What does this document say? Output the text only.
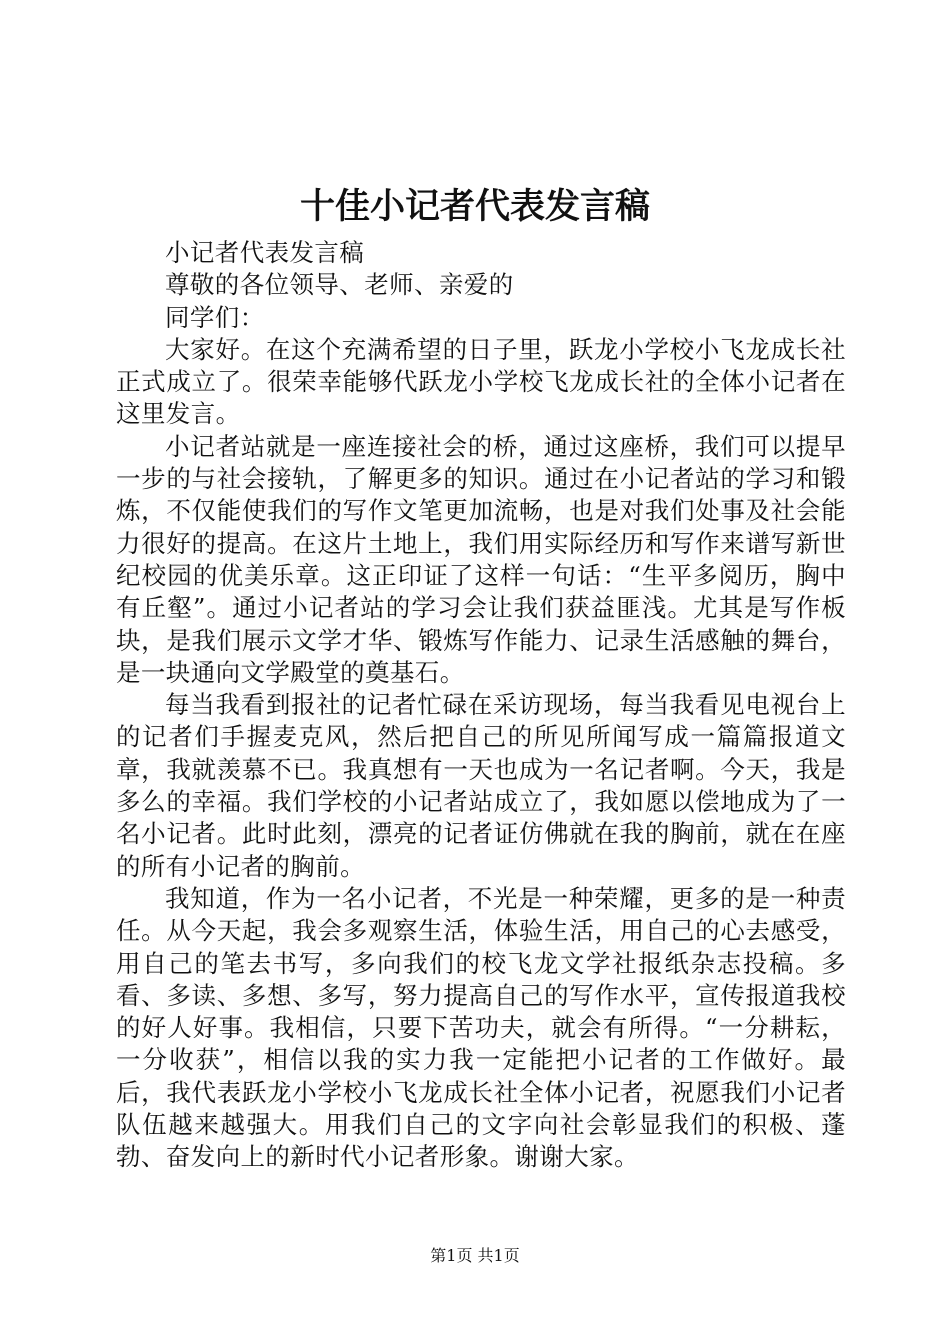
十佳小记者代表发言稿

小记者代表发言稿

尊敬的各位领导、老师、亲爱的

同学们：

大家好。在这个充满希望的日子里，跃龙小学校小飞龙成长社正式成立了。很荣幸能够代跃龙小学校飞龙成长社的全体小记者在这里发言。

小记者站就是一座连接社会的桥，通过这座桥，我们可以提早一步的与社会接轨，了解更多的知识。通过在小记者站的学习和锻炼，不仅能使我们的写作文笔更加流畅，也是对我们处事及社会能力很好的提高。在这片土地上，我们用实际经历和写作来谱写新世纪校园的优美乐章。这正印证了这样一句话：“生平多阅历，胸中有丘壑”。通过小记者站的学习会让我们获益匪浅。尤其是写作板块，是我们展示文学才华、锻炼写作能力、记录生活感触的舞台，是一块通向文学殿堂的奠基石。

每当我看到报社的记者忙碌在采访现场，每当我看见电视台上的记者们手握麦克风，然后把自己的所见所闻写成一篇篇报道文章，我就羡慕不已。我真想有一天也成为一名记者啊。今天，我是多么的幸福。我们学校的小记者站成立了，我如愿以偿地成为了一名小记者。此时此刻，漂亮的记者证仿佛就在我的胸前，就在在座的所有小记者的胸前。

我知道，作为一名小记者，不光是一种荣耀，更多的是一种责任。从今天起，我会多观察生活，体验生活，用自己的心去感受，用自己的笔去书写，多向我们的校飞龙文学社报纸杂志投稿。多看、多读、多想、多写，努力提高自己的写作水平，宣传报道我校的好人好事。我相信，只要下苦功夫，就会有所得。“一分耕耘，一分收获”，相信以我的实力我一定能把小记者的工作做好。最后，我代表跃龙小学校小飞龙成长社全体小记者，祝愿我们小记者队伍越来越强大。用我们自己的文字向社会彰显我们的积极、蓬勃、奋发向上的新时代小记者形象。谢谢大家。

第1页 共1页
